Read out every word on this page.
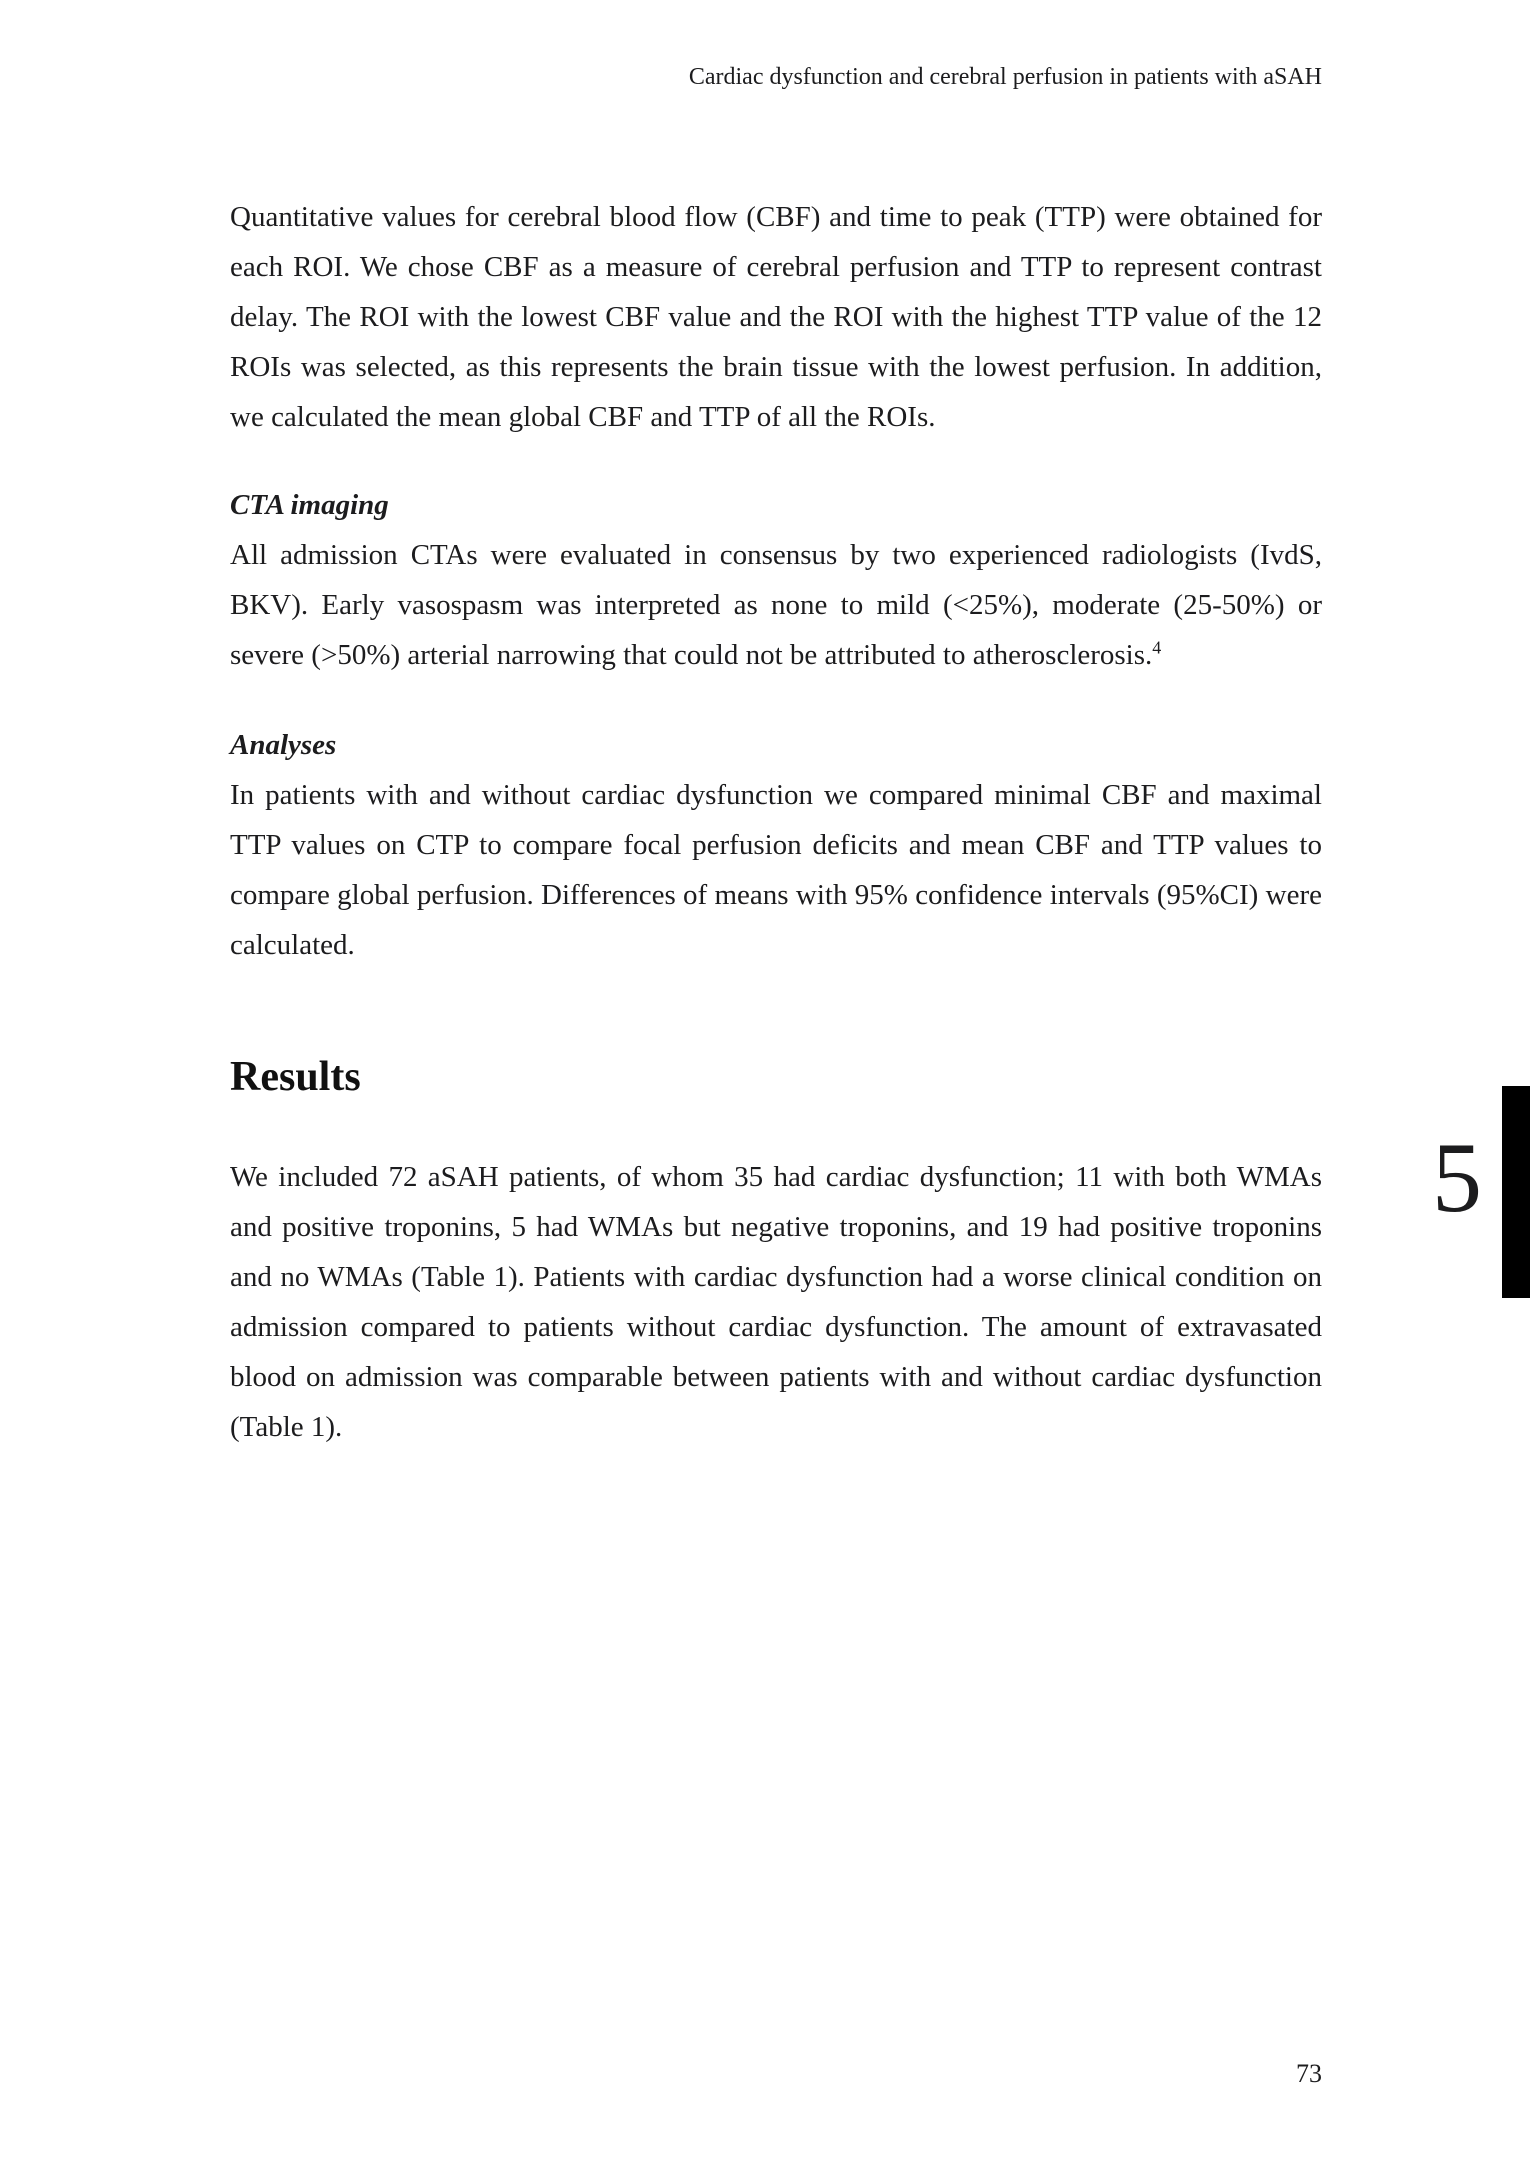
Cardiac dysfunction and cerebral perfusion in patients with aSAH

Quantitative values for cerebral blood flow (CBF) and time to peak (TTP) were obtained for each ROI. We chose CBF as a measure of cerebral perfusion and TTP to represent contrast delay. The ROI with the lowest CBF value and the ROI with the highest TTP value of the 12 ROIs was selected, as this represents the brain tissue with the lowest perfusion. In addition, we calculated the mean global CBF and TTP of all the ROIs.

CTA imaging

All admission CTAs were evaluated in consensus by two experienced radiologists (IvdS, BKV). Early vasospasm was interpreted as none to mild (<25%), moderate (25-50%) or severe (>50%) arterial narrowing that could not be attributed to atherosclerosis.$^4$

Analyses

In patients with and without cardiac dysfunction we compared minimal CBF and maximal TTP values on CTP to compare focal perfusion deficits and mean CBF and TTP values to compare global perfusion. Differences of means with 95% confidence intervals (95%CI) were calculated.

Results

We included 72 aSAH patients, of whom 35 had cardiac dysfunction; 11 with both WMAs and positive troponins, 5 had WMAs but negative troponins, and 19 had positive troponins and no WMAs (Table 1). Patients with cardiac dysfunction had a worse clinical condition on admission compared to patients without cardiac dysfunction. The amount of extravasated blood on admission was comparable between patients with and without cardiac dysfunction (Table 1).

5
73
